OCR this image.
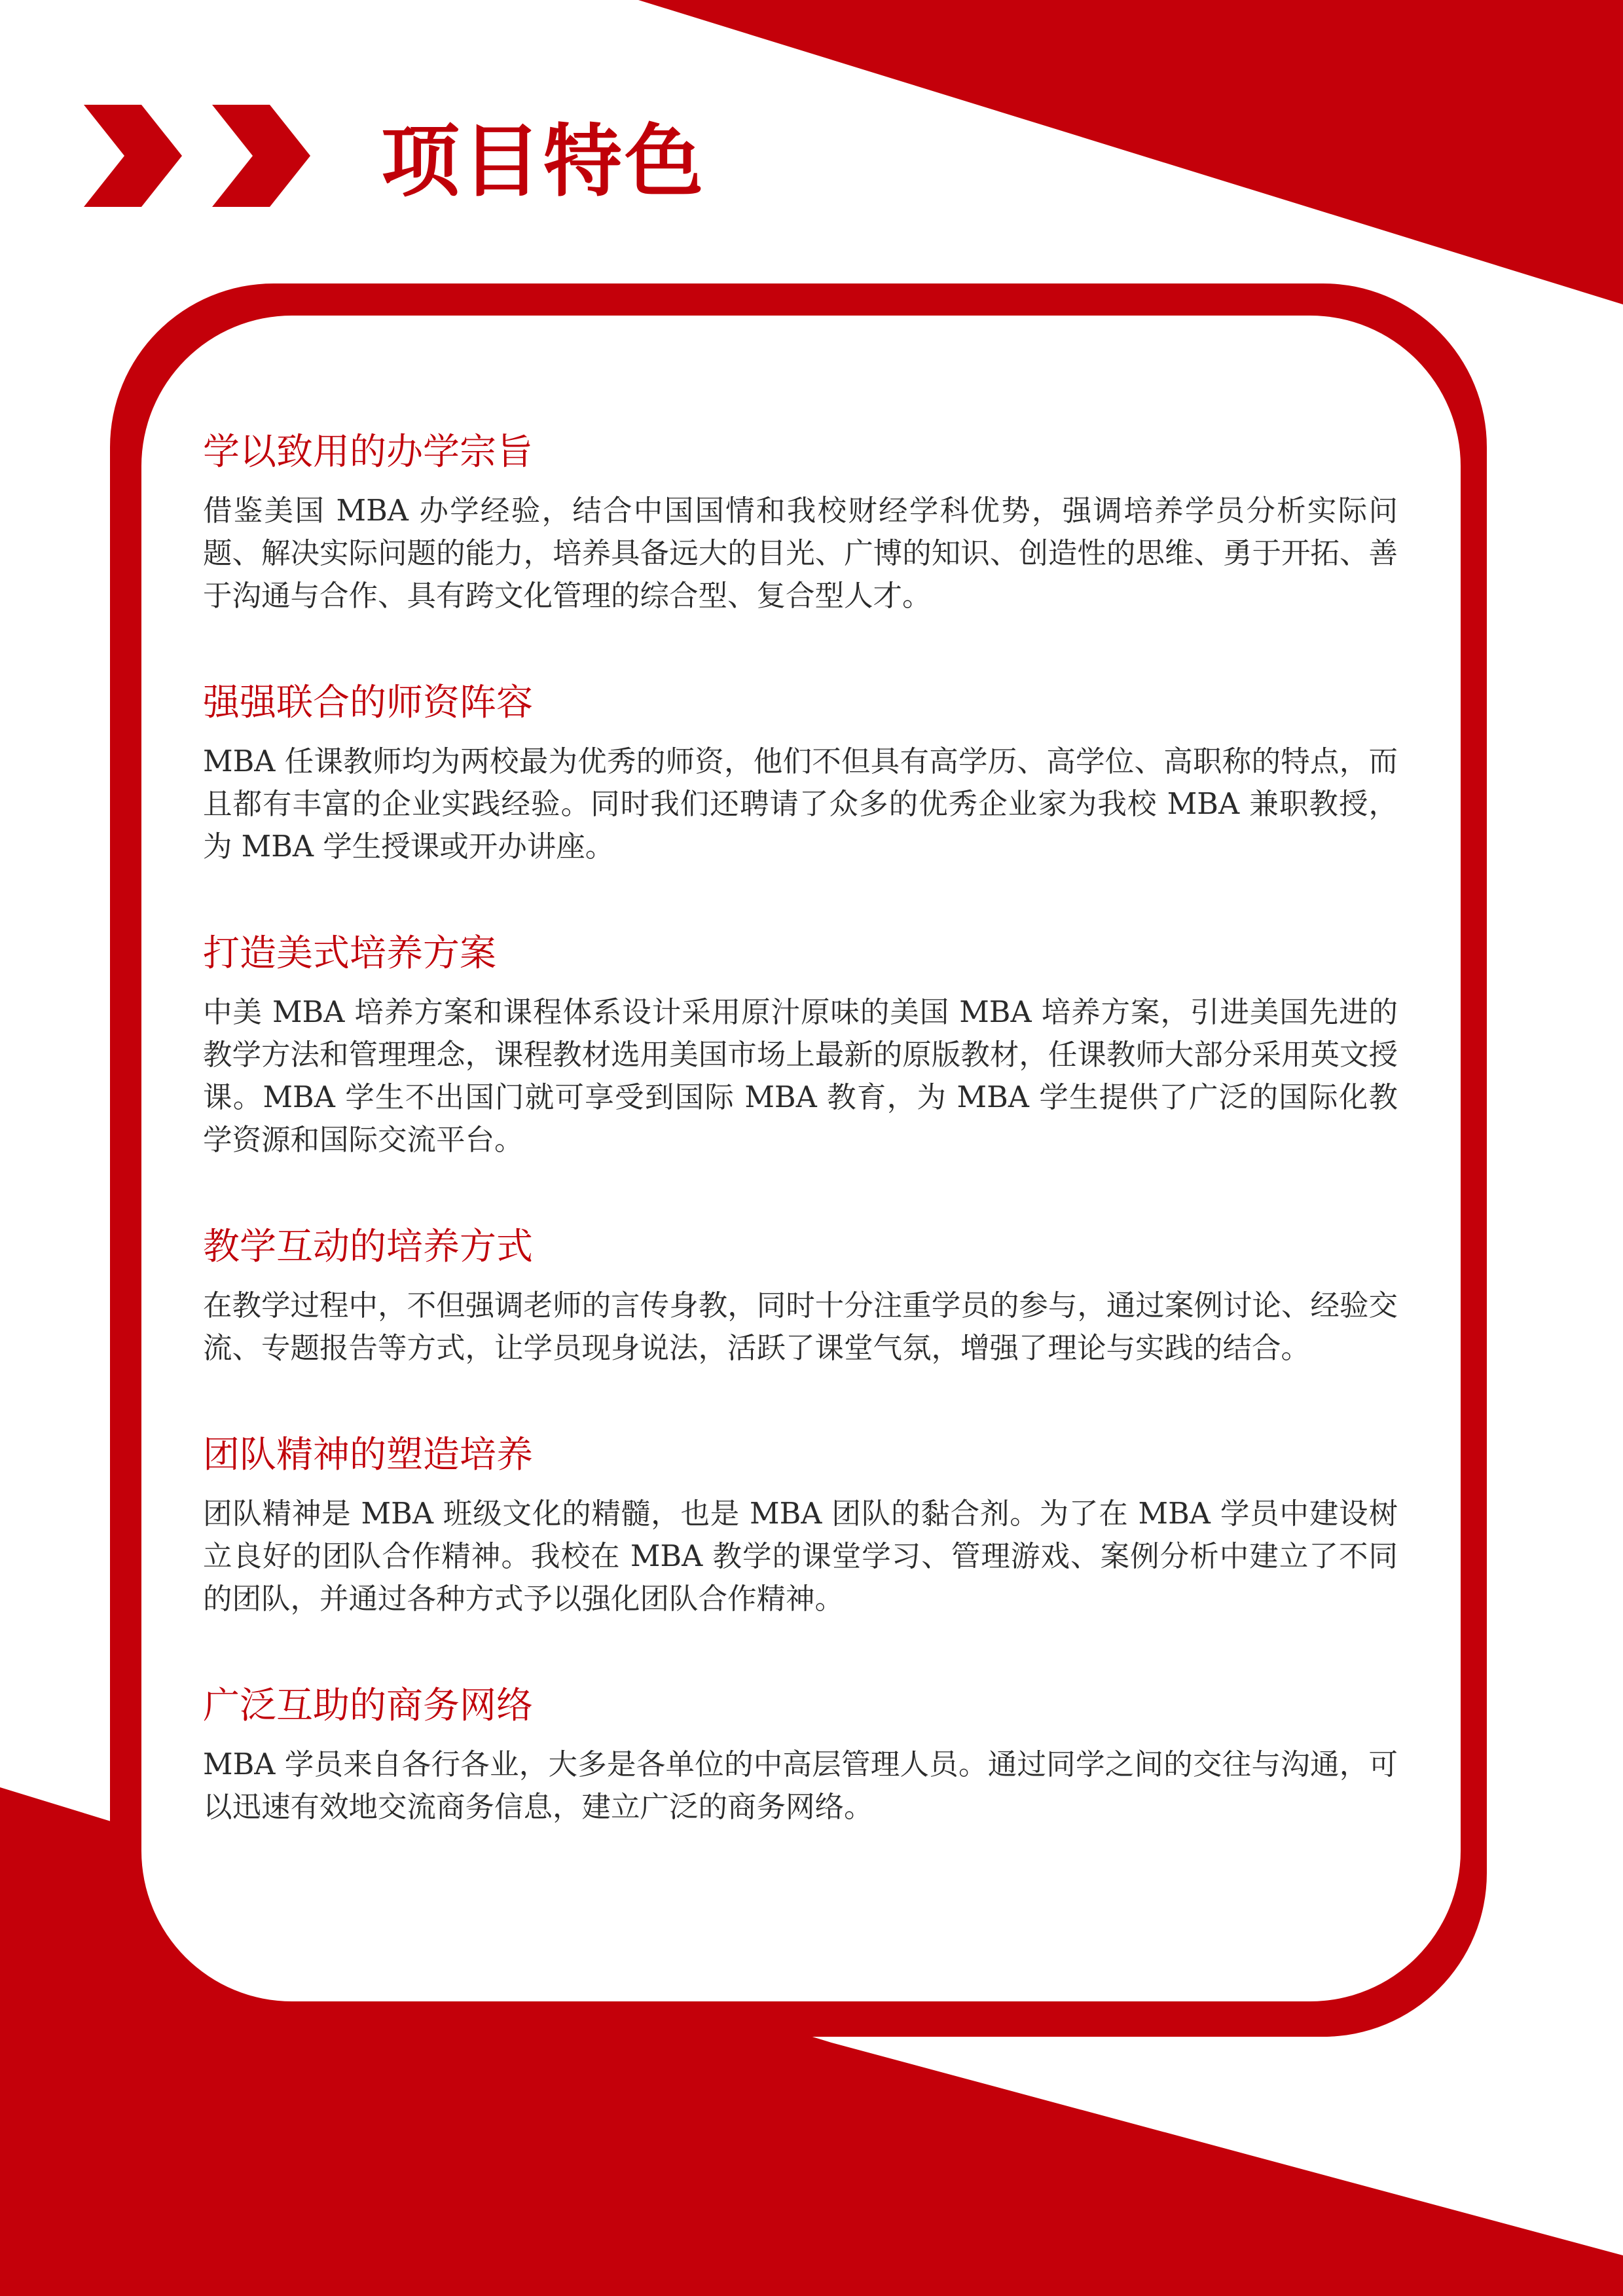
项目特色
学以致用的办学宗旨

借鉴美国 MBA 办学经验，结合中国国情和我校财经学科优势，强调培养学员分析实际问题、解决实际问题的能力，培养具备远大的目光、广博的知识、创造性的思维、勇于开拓、善于沟通与合作、具有跨文化管理的综合型、复合型人才。

强强联合的师资阵容

MBA 任课教师均为两校最为优秀的师资，他们不但具有高学历、高学位、高职称的特点，而且都有丰富的企业实践经验。同时我们还聘请了众多的优秀企业家为我校 MBA 兼职教授，为 MBA 学生授课或开办讲座。

打造美式培养方案

中美 MBA 培养方案和课程体系设计采用原汁原味的美国 MBA 培养方案，引进美国先进的教学方法和管理理念，课程教材选用美国市场上最新的原版教材，任课教师大部分采用英文授课。MBA 学生不出国门就可享受到国际 MBA 教育，为 MBA 学生提供了广泛的国际化教学资源和国际交流平台。

教学互动的培养方式

在教学过程中，不但强调老师的言传身教，同时十分注重学员的参与，通过案例讨论、经验交流、专题报告等方式，让学员现身说法，活跃了课堂气氛，增强了理论与实践的结合。

团队精神的塑造培养

团队精神是 MBA 班级文化的精髓，也是 MBA 团队的黏合剂。为了在 MBA 学员中建设树立良好的团队合作精神。我校在 MBA 教学的课堂学习、管理游戏、案例分析中建立了不同的团队，并通过各种方式予以强化团队合作精神。

广泛互助的商务网络

MBA 学员来自各行各业，大多是各单位的中高层管理人员。通过同学之间的交往与沟通，可以迅速有效地交流商务信息，建立广泛的商务网络。
